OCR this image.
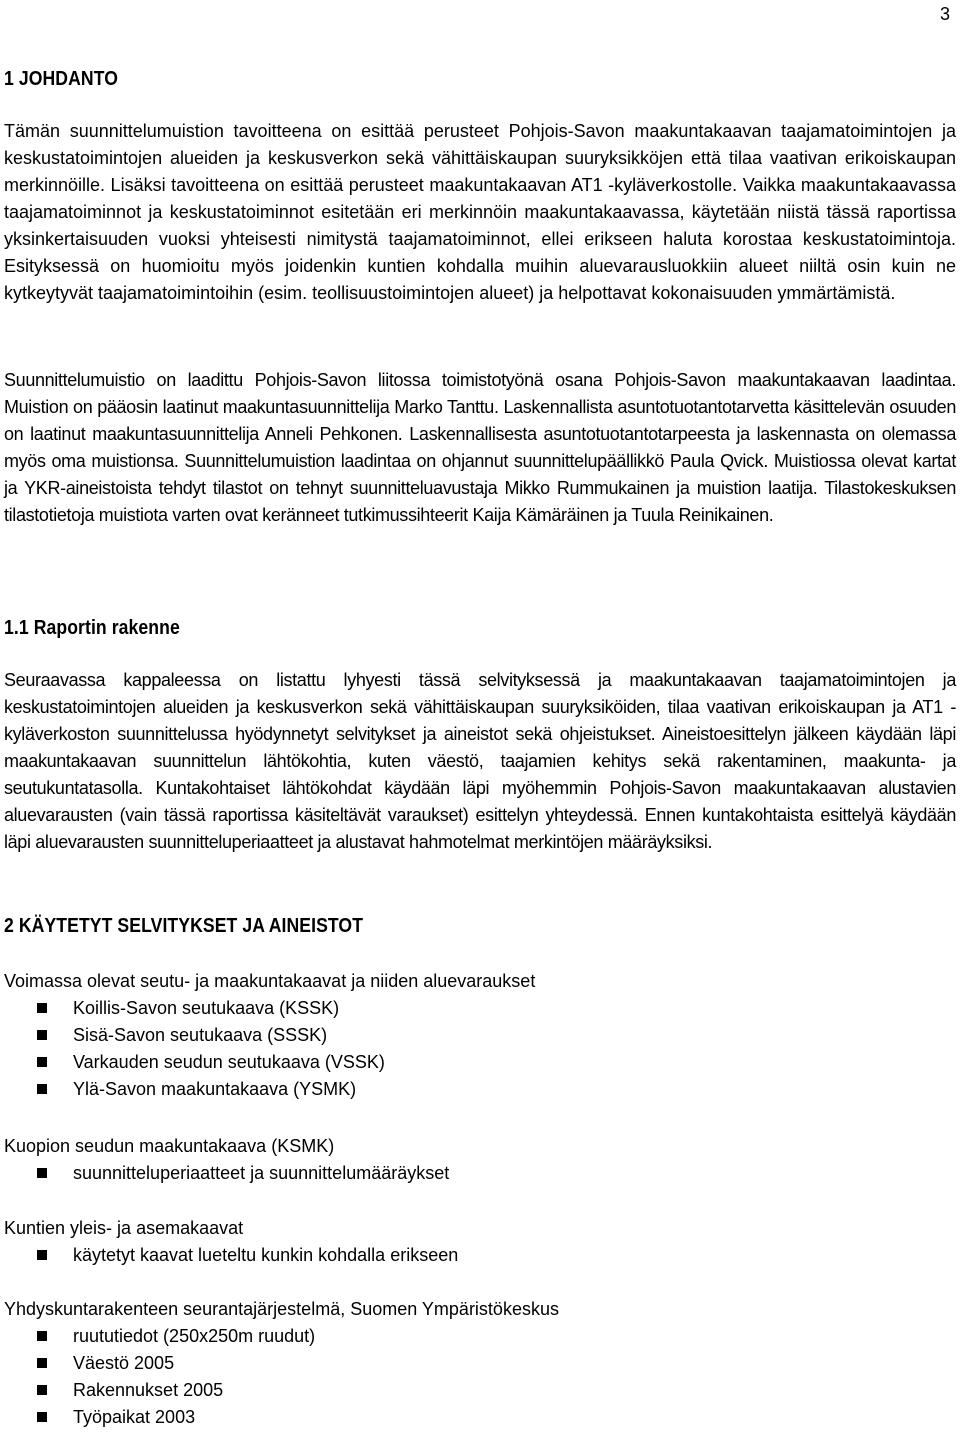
3
1 JOHDANTO
Tämän suunnittelumuistion tavoitteena on esittää perusteet Pohjois-Savon maakuntakaavan taajamatoimintojen ja keskustatoimintojen alueiden ja keskusverkon sekä vähittäiskaupan suuryksikköjen että tilaa vaativan erikoiskaupan merkinnöille. Lisäksi tavoitteena on esittää perusteet maakuntakaavan AT1 -kyläverkostolle. Vaikka maakuntakaavassa taajamatoiminnot ja keskustatoiminnot esitetään eri merkinnöin maakuntakaavassa, käytetään niistä tässä raportissa yksinkertaisuuden vuoksi yhteisesti nimitystä taajamatoiminnot, ellei erikseen haluta korostaa keskustatoimintoja. Esityksessä on huomioitu myös joidenkin kuntien kohdalla muihin aluevarausluokkiin alueet niiltä osin kuin ne kytkeytyvät taajamatoimintoihin (esim. teollisuustoimintojen alueet) ja helpottavat kokonaisuuden ymmärtämistä.
Suunnittelumuistio on laadittu Pohjois-Savon liitossa toimistotyönä osana Pohjois-Savon maakuntakaavan laadintaa. Muistion on pääosin laatinut maakuntasuunnittelija Marko Tanttu. Laskennallista asuntotuotantotarvetta käsittelevän osuuden on laatinut maakuntasuunnittelija Anneli Pehkonen. Laskennallisesta asuntotuotantotarpeesta ja laskennasta on olemassa myös oma muistionsa. Suunnittelumuistion laadintaa on ohjannut suunnittelupäällikkö Paula Qvick. Muistiossa olevat kartat ja YKR-aineistoista tehdyt tilastot on tehnyt suunnitteluavustaja Mikko Rummukainen ja muistion laatija. Tilastokeskuksen tilastotietoja muistiota varten ovat keränneet tutkimussihteerit Kaija Kämäräinen ja Tuula Reinikainen.
1.1 Raportin rakenne
Seuraavassa kappaleessa on listattu lyhyesti tässä selvityksessä ja maakuntakaavan taajamatoimintojen ja keskustatoimintojen alueiden ja keskusverkon sekä vähittäiskaupan suuryksiköiden, tilaa vaativan erikoiskaupan ja AT1 -kyläverkoston suunnittelussa hyödynnetyt selvitykset ja aineistot sekä ohjeistukset. Aineistoesittelyn jälkeen käydään läpi maakuntakaavan suunnittelun lähtökohtia, kuten väestö, taajamien kehitys sekä rakentaminen, maakunta- ja seutukuntatasolla. Kuntakohtaiset lähtökohdat käydään läpi myöhemmin Pohjois-Savon maakuntakaavan alustavien aluevarausten (vain tässä raportissa käsiteltävät varaukset) esittelyn yhteydessä. Ennen kuntakohtaista esittelyä käydään läpi aluevarausten suunnitteluperiaatteet ja alustavat hahmotelmat merkintöjen määräyksiksi.
2 KÄYTETYT SELVITYKSET JA AINEISTOT
Voimassa olevat seutu- ja maakuntakaavat ja niiden aluevaraukset
Koillis-Savon seutukaava (KSSK)
Sisä-Savon seutukaava (SSSK)
Varkauden seudun seutukaava (VSSK)
Ylä-Savon maakuntakaava (YSMK)
Kuopion seudun maakuntakaava (KSMK)
suunnitteluperiaatteet ja suunnittelumääräykset
Kuntien yleis- ja asemakaavat
käytetyt kaavat lueteltu kunkin kohdalla erikseen
Yhdyskuntarakenteen seurantajärjestelmä, Suomen Ympäristökeskus
ruututiedot (250x250m ruudut)
Väestö 2005
Rakennukset 2005
Työpaikat 2003
